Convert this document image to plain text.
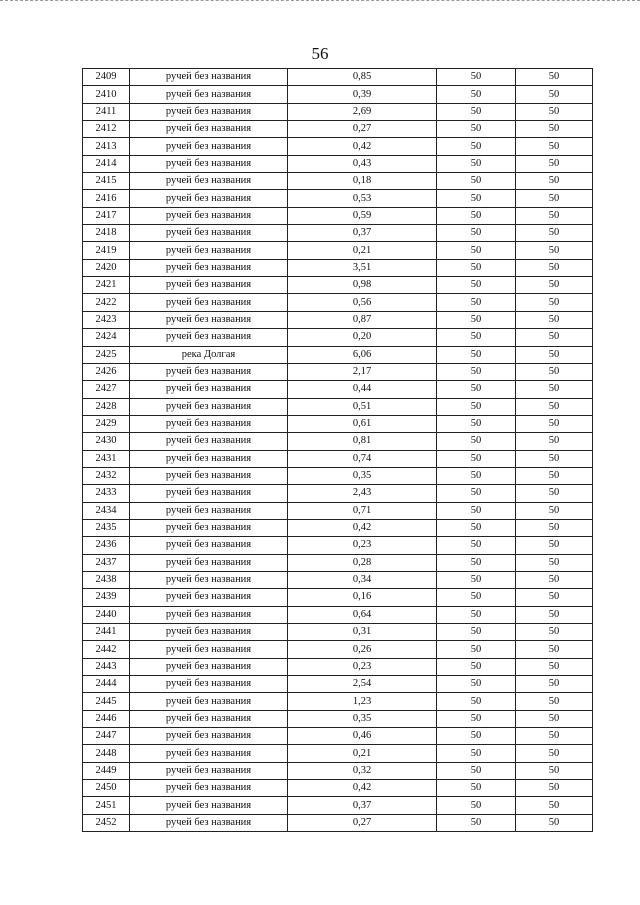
56
2409	ручей без названия	0,85	50	50
2410	ручей без названия	0,39	50	50
2411	ручей без названия	2,69	50	50
2412	ручей без названия	0,27	50	50
2413	ручей без названия	0,42	50	50
2414	ручей без названия	0,43	50	50
2415	ручей без названия	0,18	50	50
2416	ручей без названия	0,53	50	50
2417	ручей без названия	0,59	50	50
2418	ручей без названия	0,37	50	50
2419	ручей без названия	0,21	50	50
2420	ручей без названия	3,51	50	50
2421	ручей без названия	0,98	50	50
2422	ручей без названия	0,56	50	50
2423	ручей без названия	0,87	50	50
2424	ручей без названия	0,20	50	50
2425	река Долгая	6,06	50	50
2426	ручей без названия	2,17	50	50
2427	ручей без названия	0,44	50	50
2428	ручей без названия	0,51	50	50
2429	ручей без названия	0,61	50	50
2430	ручей без названия	0,81	50	50
2431	ручей без названия	0,74	50	50
2432	ручей без названия	0,35	50	50
2433	ручей без названия	2,43	50	50
2434	ручей без названия	0,71	50	50
2435	ручей без названия	0,42	50	50
2436	ручей без названия	0,23	50	50
2437	ручей без названия	0,28	50	50
2438	ручей без названия	0,34	50	50
2439	ручей без названия	0,16	50	50
2440	ручей без названия	0,64	50	50
2441	ручей без названия	0,31	50	50
2442	ручей без названия	0,26	50	50
2443	ручей без названия	0,23	50	50
2444	ручей без названия	2,54	50	50
2445	ручей без названия	1,23	50	50
2446	ручей без названия	0,35	50	50
2447	ручей без названия	0,46	50	50
2448	ручей без названия	0,21	50	50
2449	ручей без названия	0,32	50	50
2450	ручей без названия	0,42	50	50
2451	ручей без названия	0,37	50	50
2452	ручей без названия	0,27	50	50
